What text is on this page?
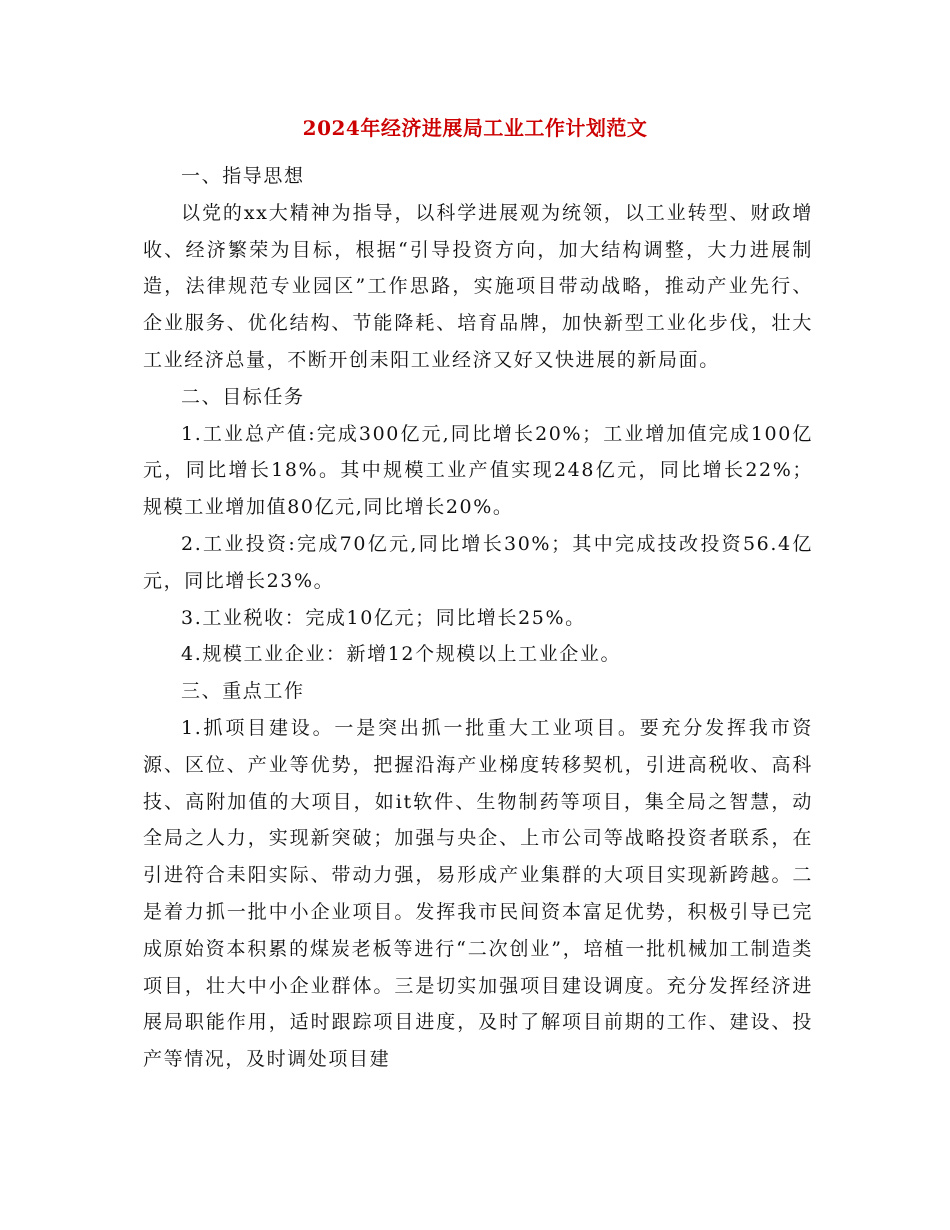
2024年经济进展局工业工作计划范文

一、指导思想

以党的xx大精神为指导，以科学进展观为统领，以工业转型、财政增收、经济繁荣为目标，根据“引导投资方向，加大结构调整，大力进展制造，法律规范专业园区”工作思路，实施项目带动战略，推动产业先行、企业服务、优化结构、节能降耗、培育品牌，加快新型工业化步伐，壮大工业经济总量，不断开创耒阳工业经济又好又快进展的新局面。

二、目标任务

1.工业总产值:完成300亿元,同比增长20%；工业增加值完成100亿元，同比增长18%。其中规模工业产值实现248亿元，同比增长22%；规模工业增加值80亿元,同比增长20%。

2.工业投资:完成70亿元,同比增长30%；其中完成技改投资56.4亿元，同比增长23%。

3.工业税收：完成10亿元；同比增长25%。

4.规模工业企业：新增12个规模以上工业企业。

三、重点工作

1.抓项目建设。一是突出抓一批重大工业项目。要充分发挥我市资源、区位、产业等优势，把握沿海产业梯度转移契机，引进高税收、高科技、高附加值的大项目，如it软件、生物制药等项目，集全局之智慧，动全局之人力，实现新突破；加强与央企、上市公司等战略投资者联系，在引进符合耒阳实际、带动力强，易形成产业集群的大项目实现新跨越。二是着力抓一批中小企业项目。发挥我市民间资本富足优势，积极引导已完成原始资本积累的煤炭老板等进行“二次创业”，培植一批机械加工制造类项目，壮大中小企业群体。三是切实加强项目建设调度。充分发挥经济进展局职能作用，适时跟踪项目进度，及时了解项目前期的工作、建设、投产等情况，及时调处项目建
